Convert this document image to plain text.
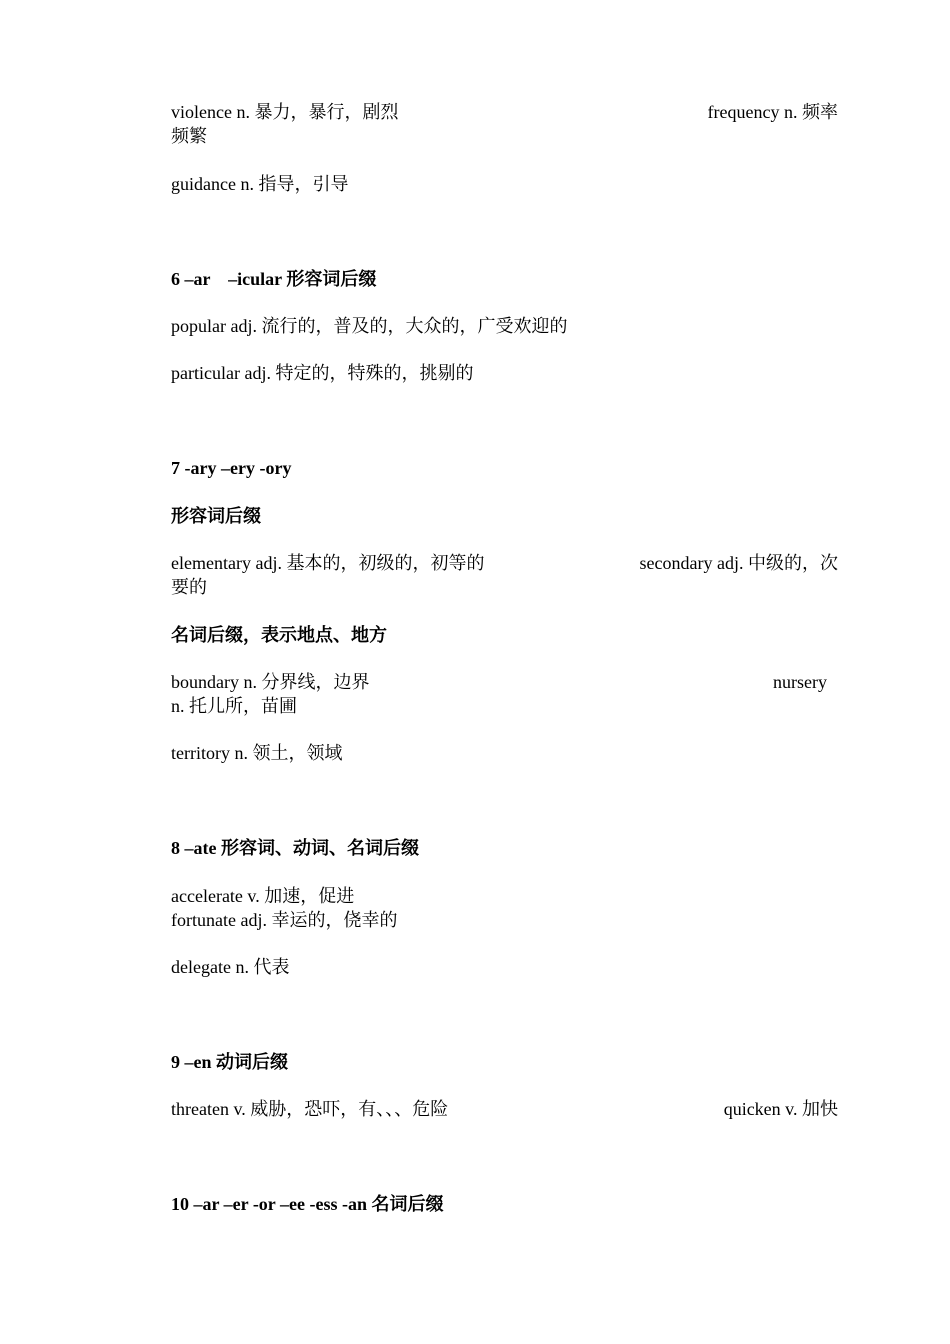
violence n. 暴力，暴行，剧烈	frequency n. 频率
频繁
guidance n. 指导，引导
6 –ar　–icular 形容词后缀
popular adj. 流行的，普及的，大众的，广受欢迎的
particular adj. 特定的，特殊的，挑剔的
7 -ary –ery -ory
形容词后缀
elementary adj. 基本的，初级的，初等的	secondary adj. 中级的，次
要的
名词后缀，表示地点、地方
boundary n. 分界线，边界	nursery
n. 托儿所，苗圃
territory n. 领土，领域
8 –ate 形容词、动词、名词后缀
accelerate v. 加速，促进
fortunate adj. 幸运的，侥幸的
delegate n. 代表
9 –en 动词后缀
threaten v. 威胁，恐吓，有、、、危险	quicken v. 加快
10 –ar –er -or –ee -ess -an 名词后缀
